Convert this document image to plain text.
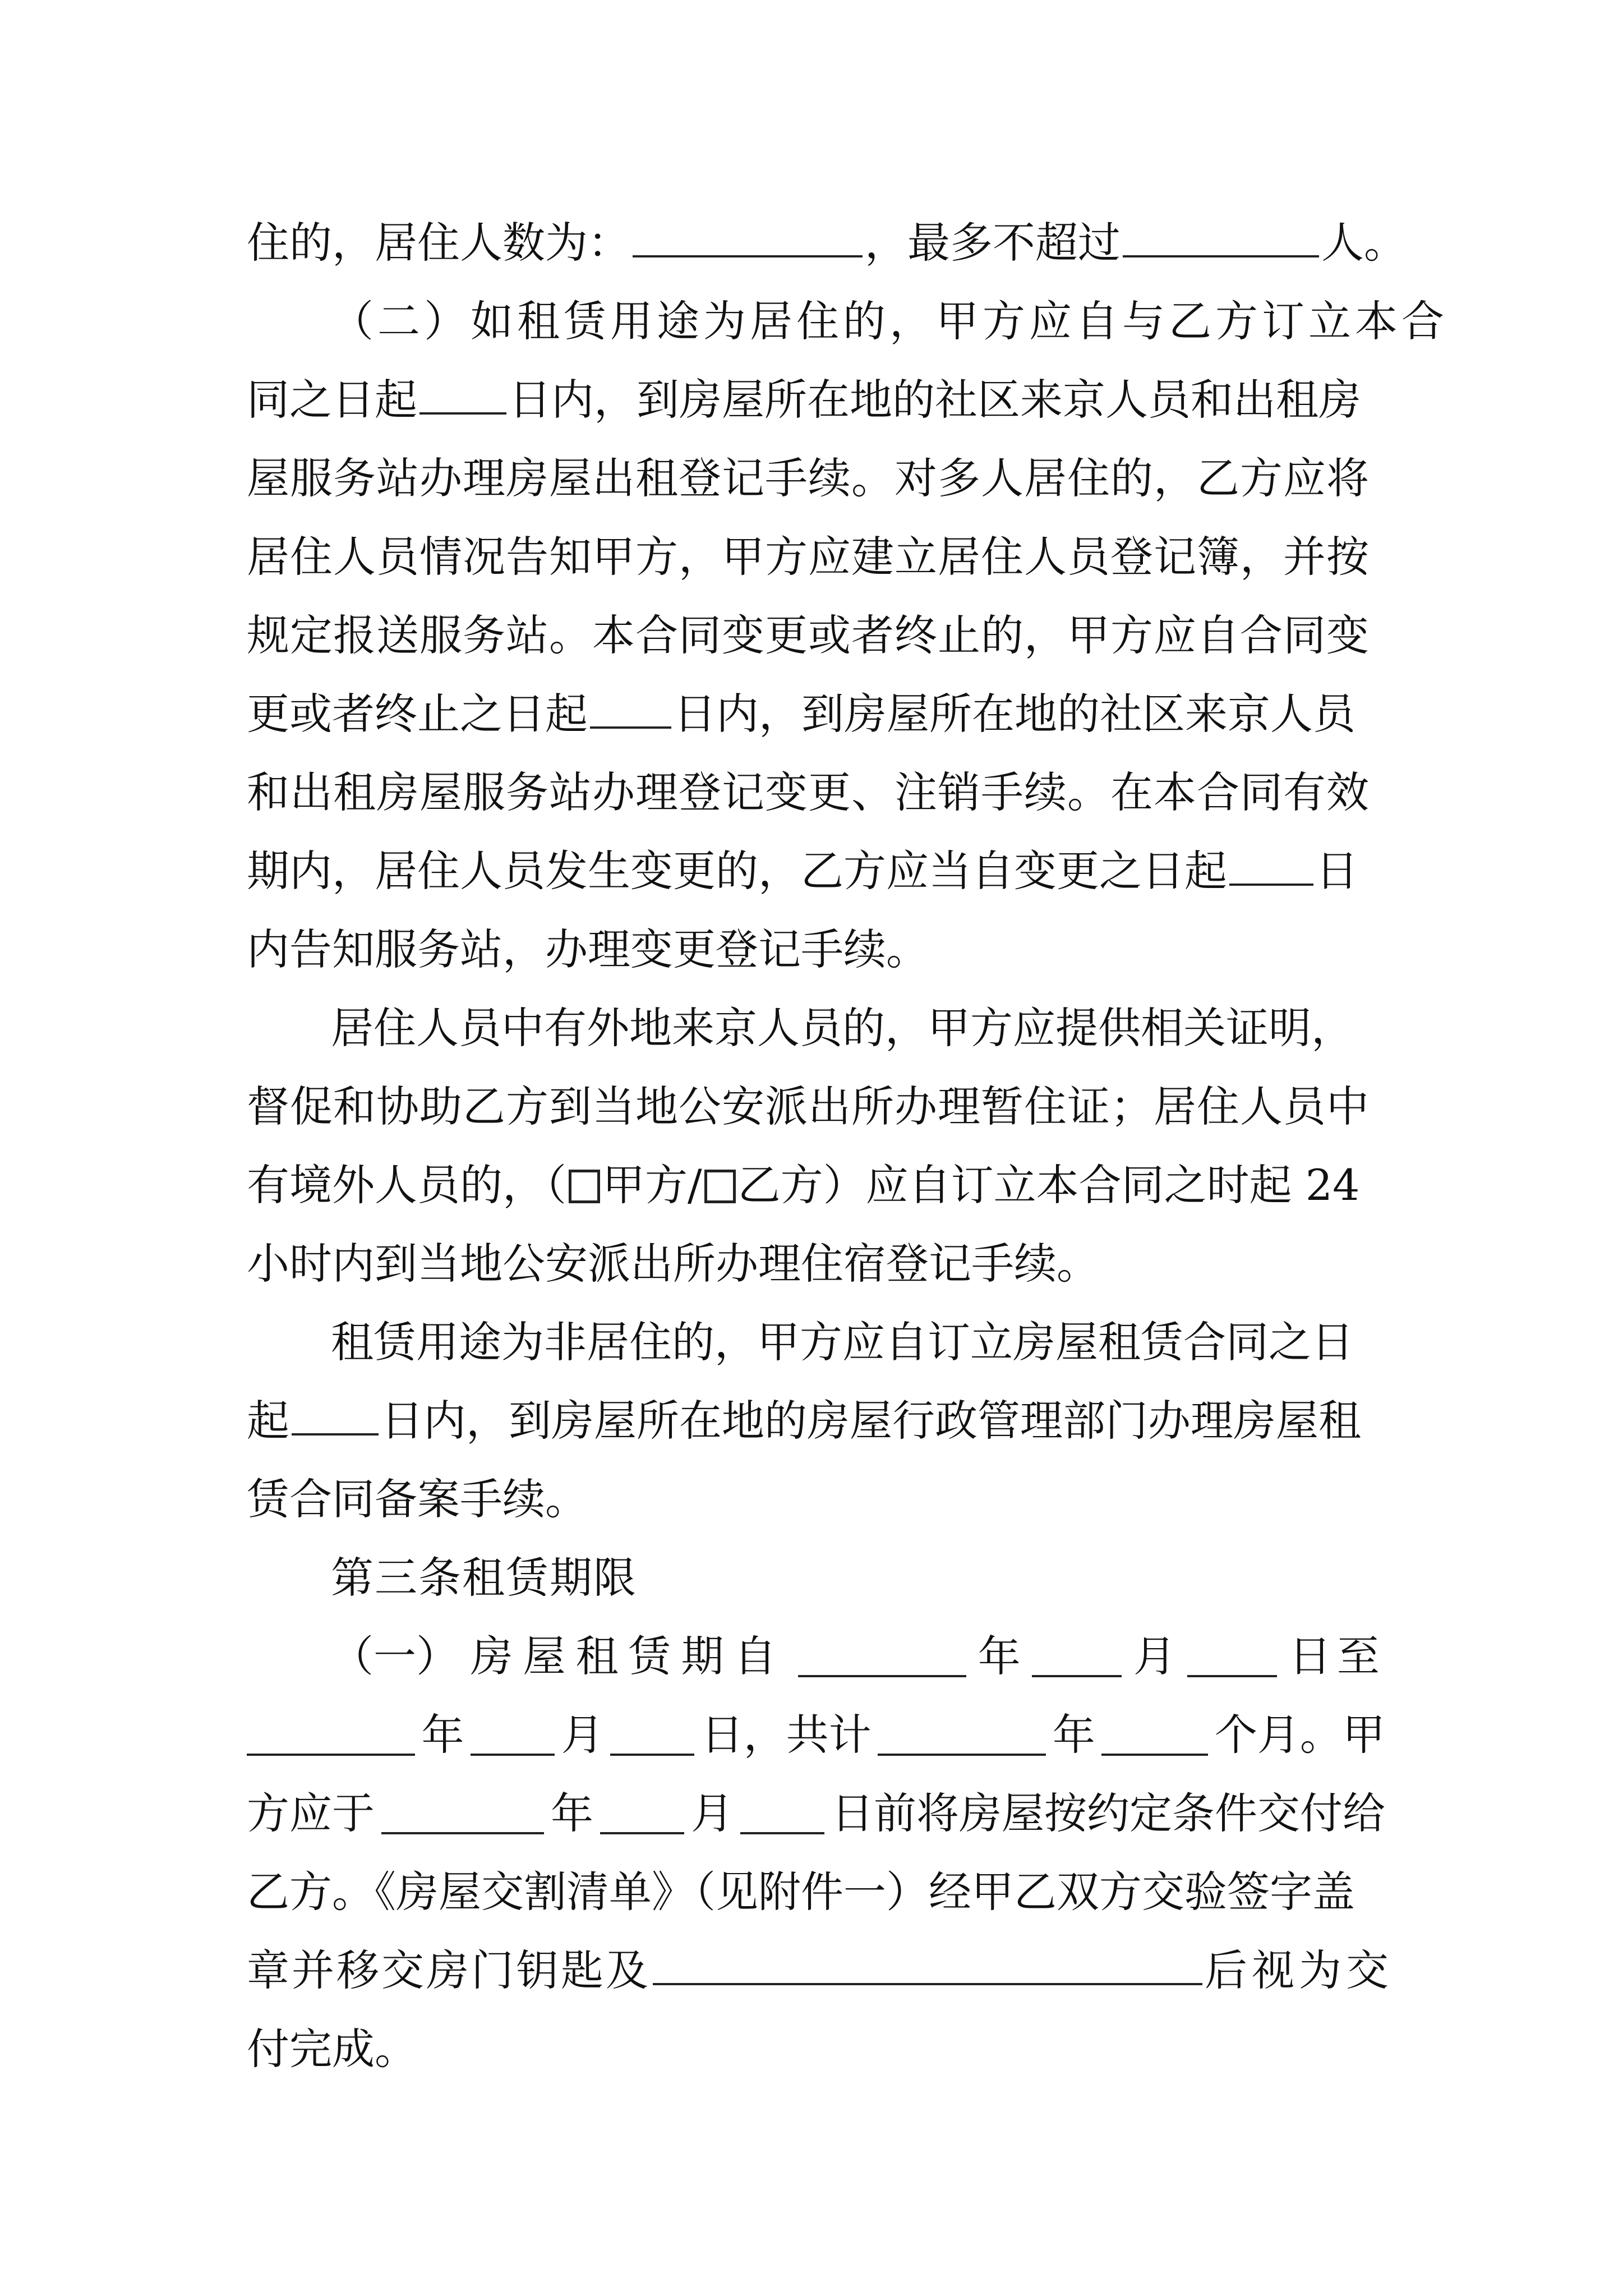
住的，居住人数为：	，最多不超过	人。
（二）如租赁用途为居住的，甲方应自与乙方订立本合
同之日起 日内，到房屋所在地的社区来京人员和出租房
屋服务站办理房屋出租登记手续。对多人居住的，乙方应将
居住人员情况告知甲方，甲方应建立居住人员登记簿，并按
规定报送服务站。本合同变更或者终止的，甲方应自合同变
更或者终止之日起 日内，到房屋所在地的社区来京人员
和出租房屋服务站办理登记变更、注销手续。在本合同有效
期内，居住人员发生变更的，乙方应当自变更之日起 日
内告知服务站，办理变更登记手续。
居住人员中有外地来京人员的，甲方应提供相关证明，
督促和协助乙方到当地公安派出所办理暂住证；居住人员中
有境外人员的，（ 甲方/ 乙方）应自订立本合同之时起 24
小时内到当地公安派出所办理住宿登记手续。
租赁用途为非居住的，甲方应自订立房屋租赁合同之日
起 日内，到房屋所在地的房屋行政管理部门办理房屋租
赁合同备案手续。
第三条租赁期限
（一） 房屋租赁期自	年	月	日至
年 月 日，共计	年	个月。甲
方应于	年 月 日前将房屋按约定条件交付给
乙方。《房屋交割清单》（见附件一）经甲乙双方交验签字盖
章并移交房门钥匙及	后视为交
付完成。
